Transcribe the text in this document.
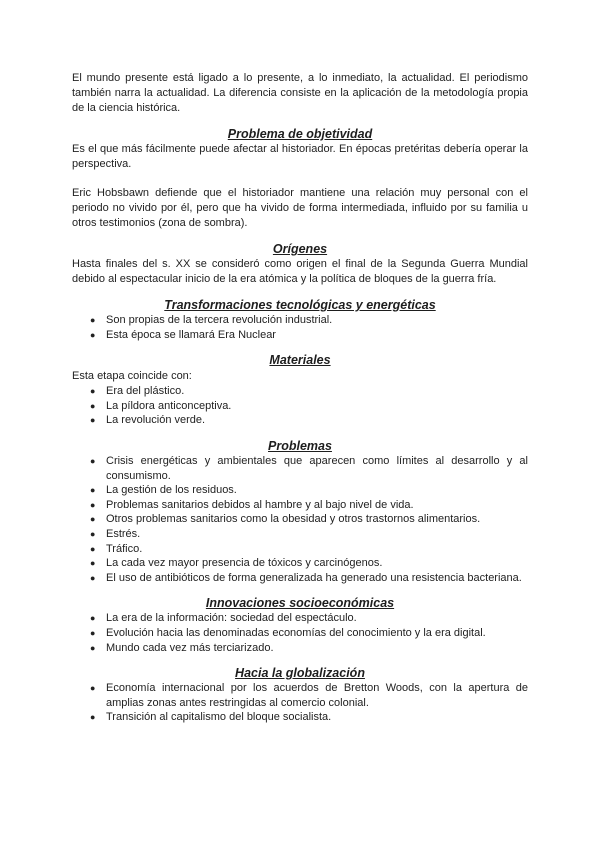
El mundo presente está ligado a lo presente, a lo inmediato, la actualidad. El periodismo también narra la actualidad. La diferencia consiste en la aplicación de la metodología propia de la ciencia histórica.

Problema de objetividad

Es el que más fácilmente puede afectar al historiador. En épocas pretéritas debería operar la perspectiva.

Eric Hobsbawn defiende que el historiador mantiene una relación muy personal con el periodo no vivido por él, pero que ha vivido de forma intermediada, influido por su familia u otros testimonios (zona de sombra).

Orígenes

Hasta finales del s. XX se consideró como origen el final de la Segunda Guerra Mundial debido al espectacular inicio de la era atómica y la política de bloques de la guerra fría.

Transformaciones tecnológicas y energéticas
● Son propias de la tercera revolución industrial.
● Esta época se llamará Era Nuclear
Materiales

Esta etapa coincide con:

● Era del plástico.
● La píldora anticonceptiva.
● La revolución verde.
Problemas
● Crisis energéticas y ambientales que aparecen como límites al desarrollo y al consumismo.
● La gestión de los residuos.
● Problemas sanitarios debidos al hambre y al bajo nivel de vida.
● Otros problemas sanitarios como la obesidad y otros trastornos alimentarios.
● Estrés.
● Tráfico.
● La cada vez mayor presencia de tóxicos y carcinógenos.
● El uso de antibióticos de forma generalizada ha generado una resistencia bacteriana.
Innovaciones socioeconómicas
● La era de la información: sociedad del espectáculo.
● Evolución hacia las denominadas economías del conocimiento y la era digital.
● Mundo cada vez más terciarizado.
Hacia la globalización
● Economía internacional por los acuerdos de Bretton Woods, con la apertura de amplias zonas antes restringidas al comercio colonial.
● Transición al capitalismo del bloque socialista.
